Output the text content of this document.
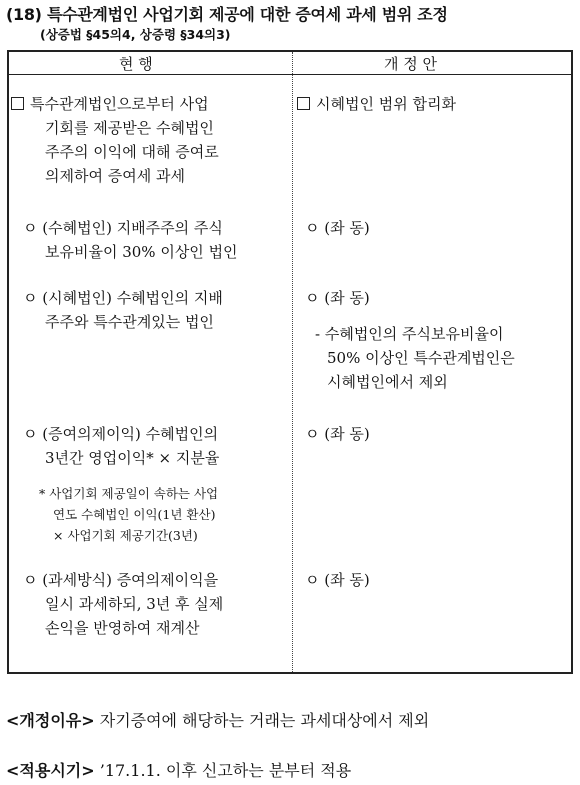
(18) 특수관계법인 사업기회 제공에 대한 증여세 과세 범위 조정
(상증법 §45의4, 상증령 §34의3)
현 행	개 정 안
특수관계법인으로부터 사업
기회를 제공받은 수혜법인
주주의 이익에 대해 증여로
의제하여 증여세 과세
ㅇ (수혜법인) 지배주주의 주식
보유비율이 30% 이상인 법인
ㅇ (시혜법인) 수혜법인의 지배
주주와 특수관계있는 법인
ㅇ (증여의제이익) 수혜법인의
3년간 영업이익* × 지분율
* 사업기회 제공일이 속하는 사업
연도 수혜법인 이익(1년 환산)
× 사업기회 제공기간(3년)
ㅇ (과세방식) 증여의제이익을
일시 과세하되, 3년 후 실제
손익을 반영하여 재계산
시혜법인 범위 합리화
ㅇ (좌 동)
ㅇ (좌 동)
- 수혜법인의 주식보유비율이
50% 이상인 특수관계법인은
시혜법인에서 제외
ㅇ (좌 동)
ㅇ (좌 동)
<개정이유> 자기증여에 해당하는 거래는 과세대상에서 제외
<적용시기> ’17.1.1. 이후 신고하는 분부터 적용
